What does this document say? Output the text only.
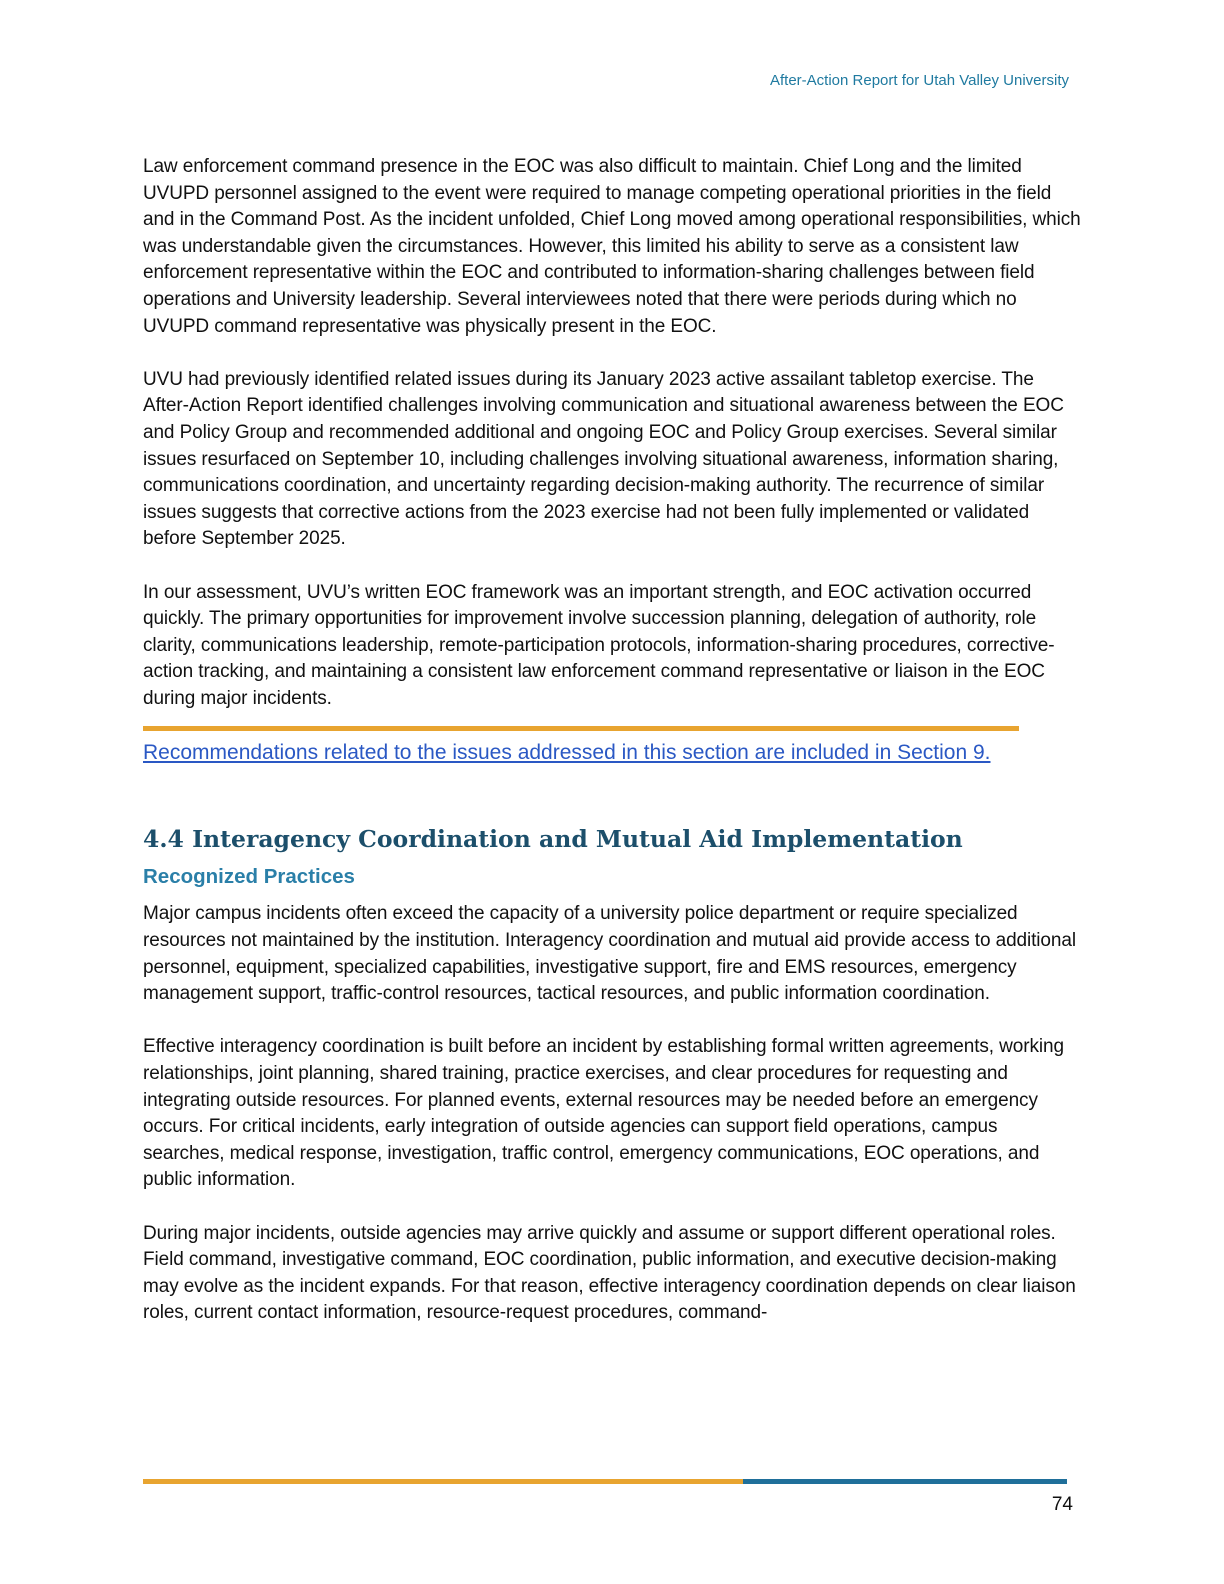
After-Action Report for Utah Valley University

Law enforcement command presence in the EOC was also difficult to maintain. Chief Long and the limited UVUPD personnel assigned to the event were required to manage competing operational priorities in the field and in the Command Post. As the incident unfolded, Chief Long moved among operational responsibilities, which was understandable given the circumstances. However, this limited his ability to serve as a consistent law enforcement representative within the EOC and contributed to information-sharing challenges between field operations and University leadership. Several interviewees noted that there were periods during which no UVUPD command representative was physically present in the EOC.

UVU had previously identified related issues during its January 2023 active assailant tabletop exercise. The After-Action Report identified challenges involving communication and situational awareness between the EOC and Policy Group and recommended additional and ongoing EOC and Policy Group exercises. Several similar issues resurfaced on September 10, including challenges involving situational awareness, information sharing, communications coordination, and uncertainty regarding decision-making authority. The recurrence of similar issues suggests that corrective actions from the 2023 exercise had not been fully implemented or validated before September 2025.

In our assessment, UVU’s written EOC framework was an important strength, and EOC activation occurred quickly. The primary opportunities for improvement involve succession planning, delegation of authority, role clarity, communications leadership, remote-participation protocols, information-sharing procedures, corrective-action tracking, and maintaining a consistent law enforcement command representative or liaison in the EOC during major incidents.

Recommendations related to the issues addressed in this section are included in Section 9.
4.4 Interagency Coordination and Mutual Aid Implementation
Recognized Practices

Major campus incidents often exceed the capacity of a university police department or require specialized resources not maintained by the institution. Interagency coordination and mutual aid provide access to additional personnel, equipment, specialized capabilities, investigative support, fire and EMS resources, emergency management support, traffic-control resources, tactical resources, and public information coordination.

Effective interagency coordination is built before an incident by establishing formal written agreements, working relationships, joint planning, shared training, practice exercises, and clear procedures for requesting and integrating outside resources. For planned events, external resources may be needed before an emergency occurs. For critical incidents, early integration of outside agencies can support field operations, campus searches, medical response, investigation, traffic control, emergency communications, EOC operations, and public information.

During major incidents, outside agencies may arrive quickly and assume or support different operational roles. Field command, investigative command, EOC coordination, public information, and executive decision-making may evolve as the incident expands. For that reason, effective interagency coordination depends on clear liaison roles, current contact information, resource-request procedures, command-

74
